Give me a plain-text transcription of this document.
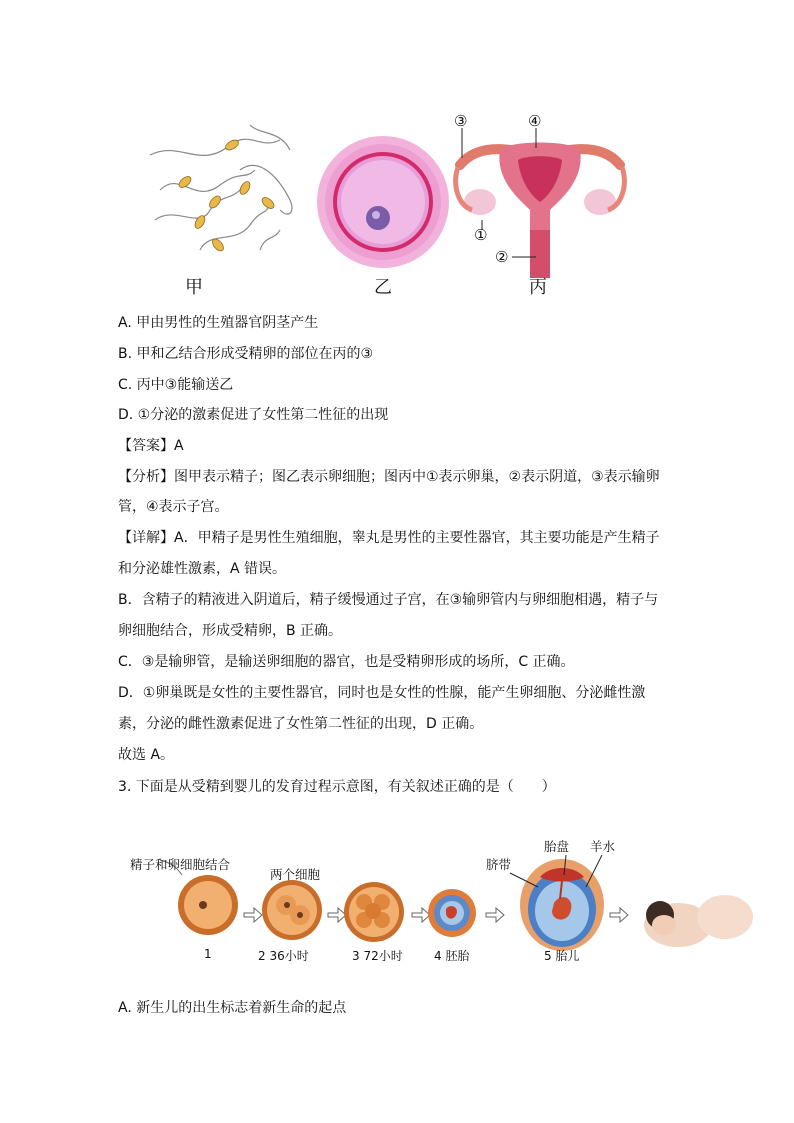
③	④
①
②
甲	乙	丙
A. 甲由男性的生殖器官阴茎产生
B. 甲和乙结合形成受精卵的部位在丙的③
C. 丙中③能输送乙
D. ①分泌的激素促进了女性第二性征的出现
【答案】A
【分析】图甲表示精子；图乙表示卵细胞；图丙中①表示卵巢，②表示阴道，③表示输卵
管，④表示子宫。
【详解】A．甲精子是男性生殖细胞，睾丸是男性的主要性器官，其主要功能是产生精子
和分泌雄性激素，A 错误。
B．含精子的精液进入阴道后，精子缓慢通过子宫，在③输卵管内与卵细胞相遇，精子与
卵细胞结合，形成受精卵，B 正确。
C．③是输卵管，是输送卵细胞的器官，也是受精卵形成的场所，C 正确。
D．①卵巢既是女性的主要性器官，同时也是女性的性腺，能产生卵细胞、分泌雌性激
素，分泌的雌性激素促进了女性第二性征的出现，D 正确。
故选 A。
3. 下面是从受精到婴儿的发育过程示意图，有关叙述正确的是（　　）
精子和卵细胞结合
两个细胞
脐带
胎盘 羊水
1	2 36小时	3 72小时	4 胚胎	5 胎儿
A. 新生儿的出生标志着新生命的起点
